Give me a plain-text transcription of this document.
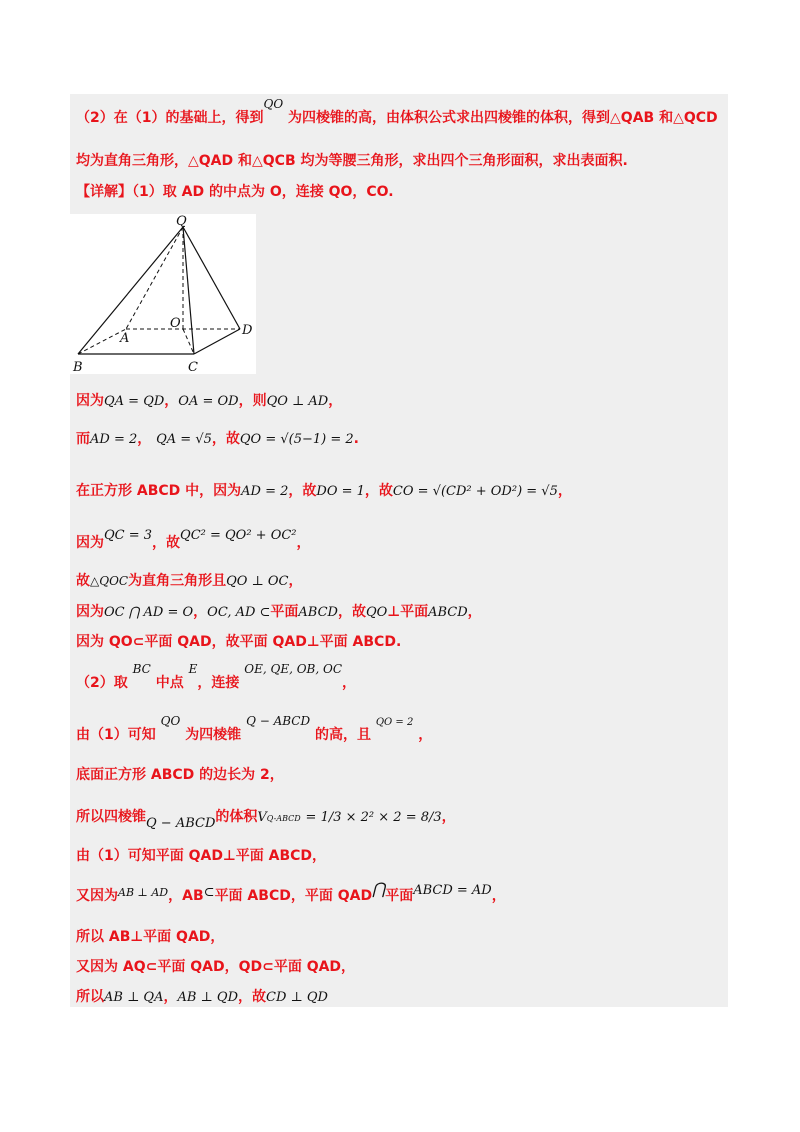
（2）在（1）的基础上，得到QO 为四棱锥的高，由体积公式求出四棱锥的体积，得到△QAB 和△QCD
均为直角三角形，△QAD 和△QCB 均为等腰三角形，求出四个三角形面积，求出表面积.
【详解】（1）取 AD 的中点为 O，连接 QO，CO.
Q
O
A
D
B	C
因为QA = QD，OA = OD，则QO ⊥ AD，
而AD = 2， QA = √5，故QO = √(5−1) = 2.
在正方形 ABCD 中，因为AD = 2，故DO = 1，故CO = √(CD² + OD²) = √5，
因为QC = 3，故QC² = QO² + OC²，
故△QOC为直角三角形且QO ⊥ OC，
因为OC ⋂ AD = O，OC, AD ⊂平面ABCD，故QO⊥平面ABCD，
因为 QO⊂平面 QAD，故平面 QAD⊥平面 ABCD.
（2）取 BC 中点 E，连接 OE, QE, OB, OC，
由（1）可知 QO 为四棱锥 Q − ABCD 的高，且 $^{QO = 2}$ ，
底面正方形 ABCD 的边长为 2，
所以四棱锥Q − ABCD的体积VQ-ABCD = 1/3 × 2² × 2 = 8/3，
由（1）可知平面 QAD⊥平面 ABCD，
又因为$^{AB \perp AD}$，AB⊂平面 ABCD，平面 QAD⋂平面ABCD = AD，
所以 AB⊥平面 QAD，
又因为 AQ⊂平面 QAD，QD⊂平面 QAD，
所以AB ⊥ QA，AB ⊥ QD，故CD ⊥ QD
